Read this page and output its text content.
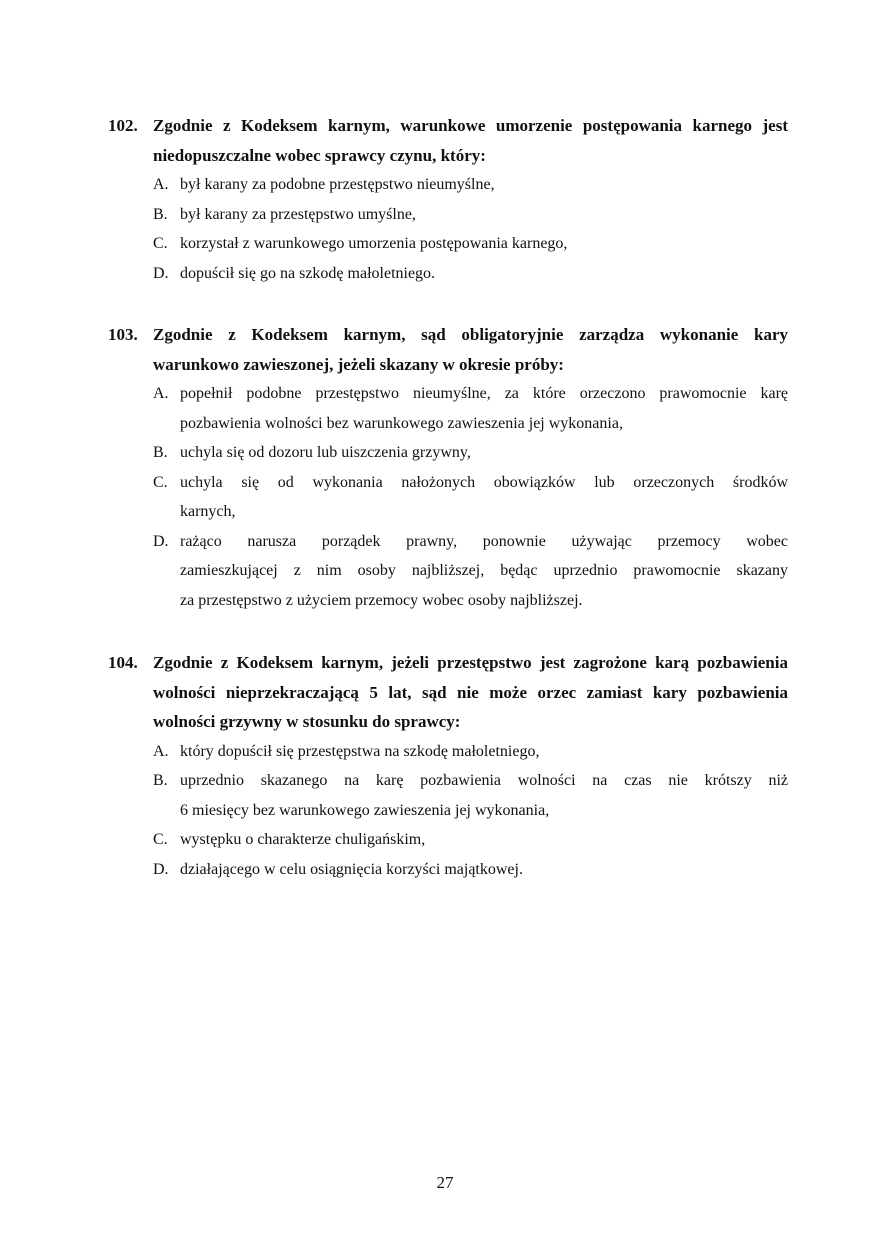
102. Zgodnie z Kodeksem karnym, warunkowe umorzenie postępowania karnego jest
niedopuszczalne wobec sprawcy czynu, który:
A. był karany za podobne przestępstwo nieumyślne,
B. był karany za przestępstwo umyślne,
C. korzystał z warunkowego umorzenia postępowania karnego,
D. dopuścił się go na szkodę małoletniego.
103. Zgodnie z Kodeksem karnym, sąd obligatoryjnie zarządza wykonanie kary
warunkowo zawieszonej, jeżeli skazany w okresie próby:
A. popełnił podobne przestępstwo nieumyślne, za które orzeczono prawomocnie karę
pozbawienia wolności bez warunkowego zawieszenia jej wykonania,
B. uchyla się od dozoru lub uiszczenia grzywny,
C. uchyla się od wykonania nałożonych obowiązków lub orzeczonych środków
karnych,
D. rażąco narusza porządek prawny, ponownie używając przemocy wobec
zamieszkującej z nim osoby najbliższej, będąc uprzednio prawomocnie skazany
za przestępstwo z użyciem przemocy wobec osoby najbliższej.
104. Zgodnie z Kodeksem karnym, jeżeli przestępstwo jest zagrożone karą pozbawienia
wolności nieprzekraczającą 5 lat, sąd nie może orzec zamiast kary pozbawienia
wolności grzywny w stosunku do sprawcy:
A. który dopuścił się przestępstwa na szkodę małoletniego,
B. uprzednio skazanego na karę pozbawienia wolności na czas nie krótszy niż
6 miesięcy bez warunkowego zawieszenia jej wykonania,
C. występku o charakterze chuligańskim,
D. działającego w celu osiągnięcia korzyści majątkowej.
27
